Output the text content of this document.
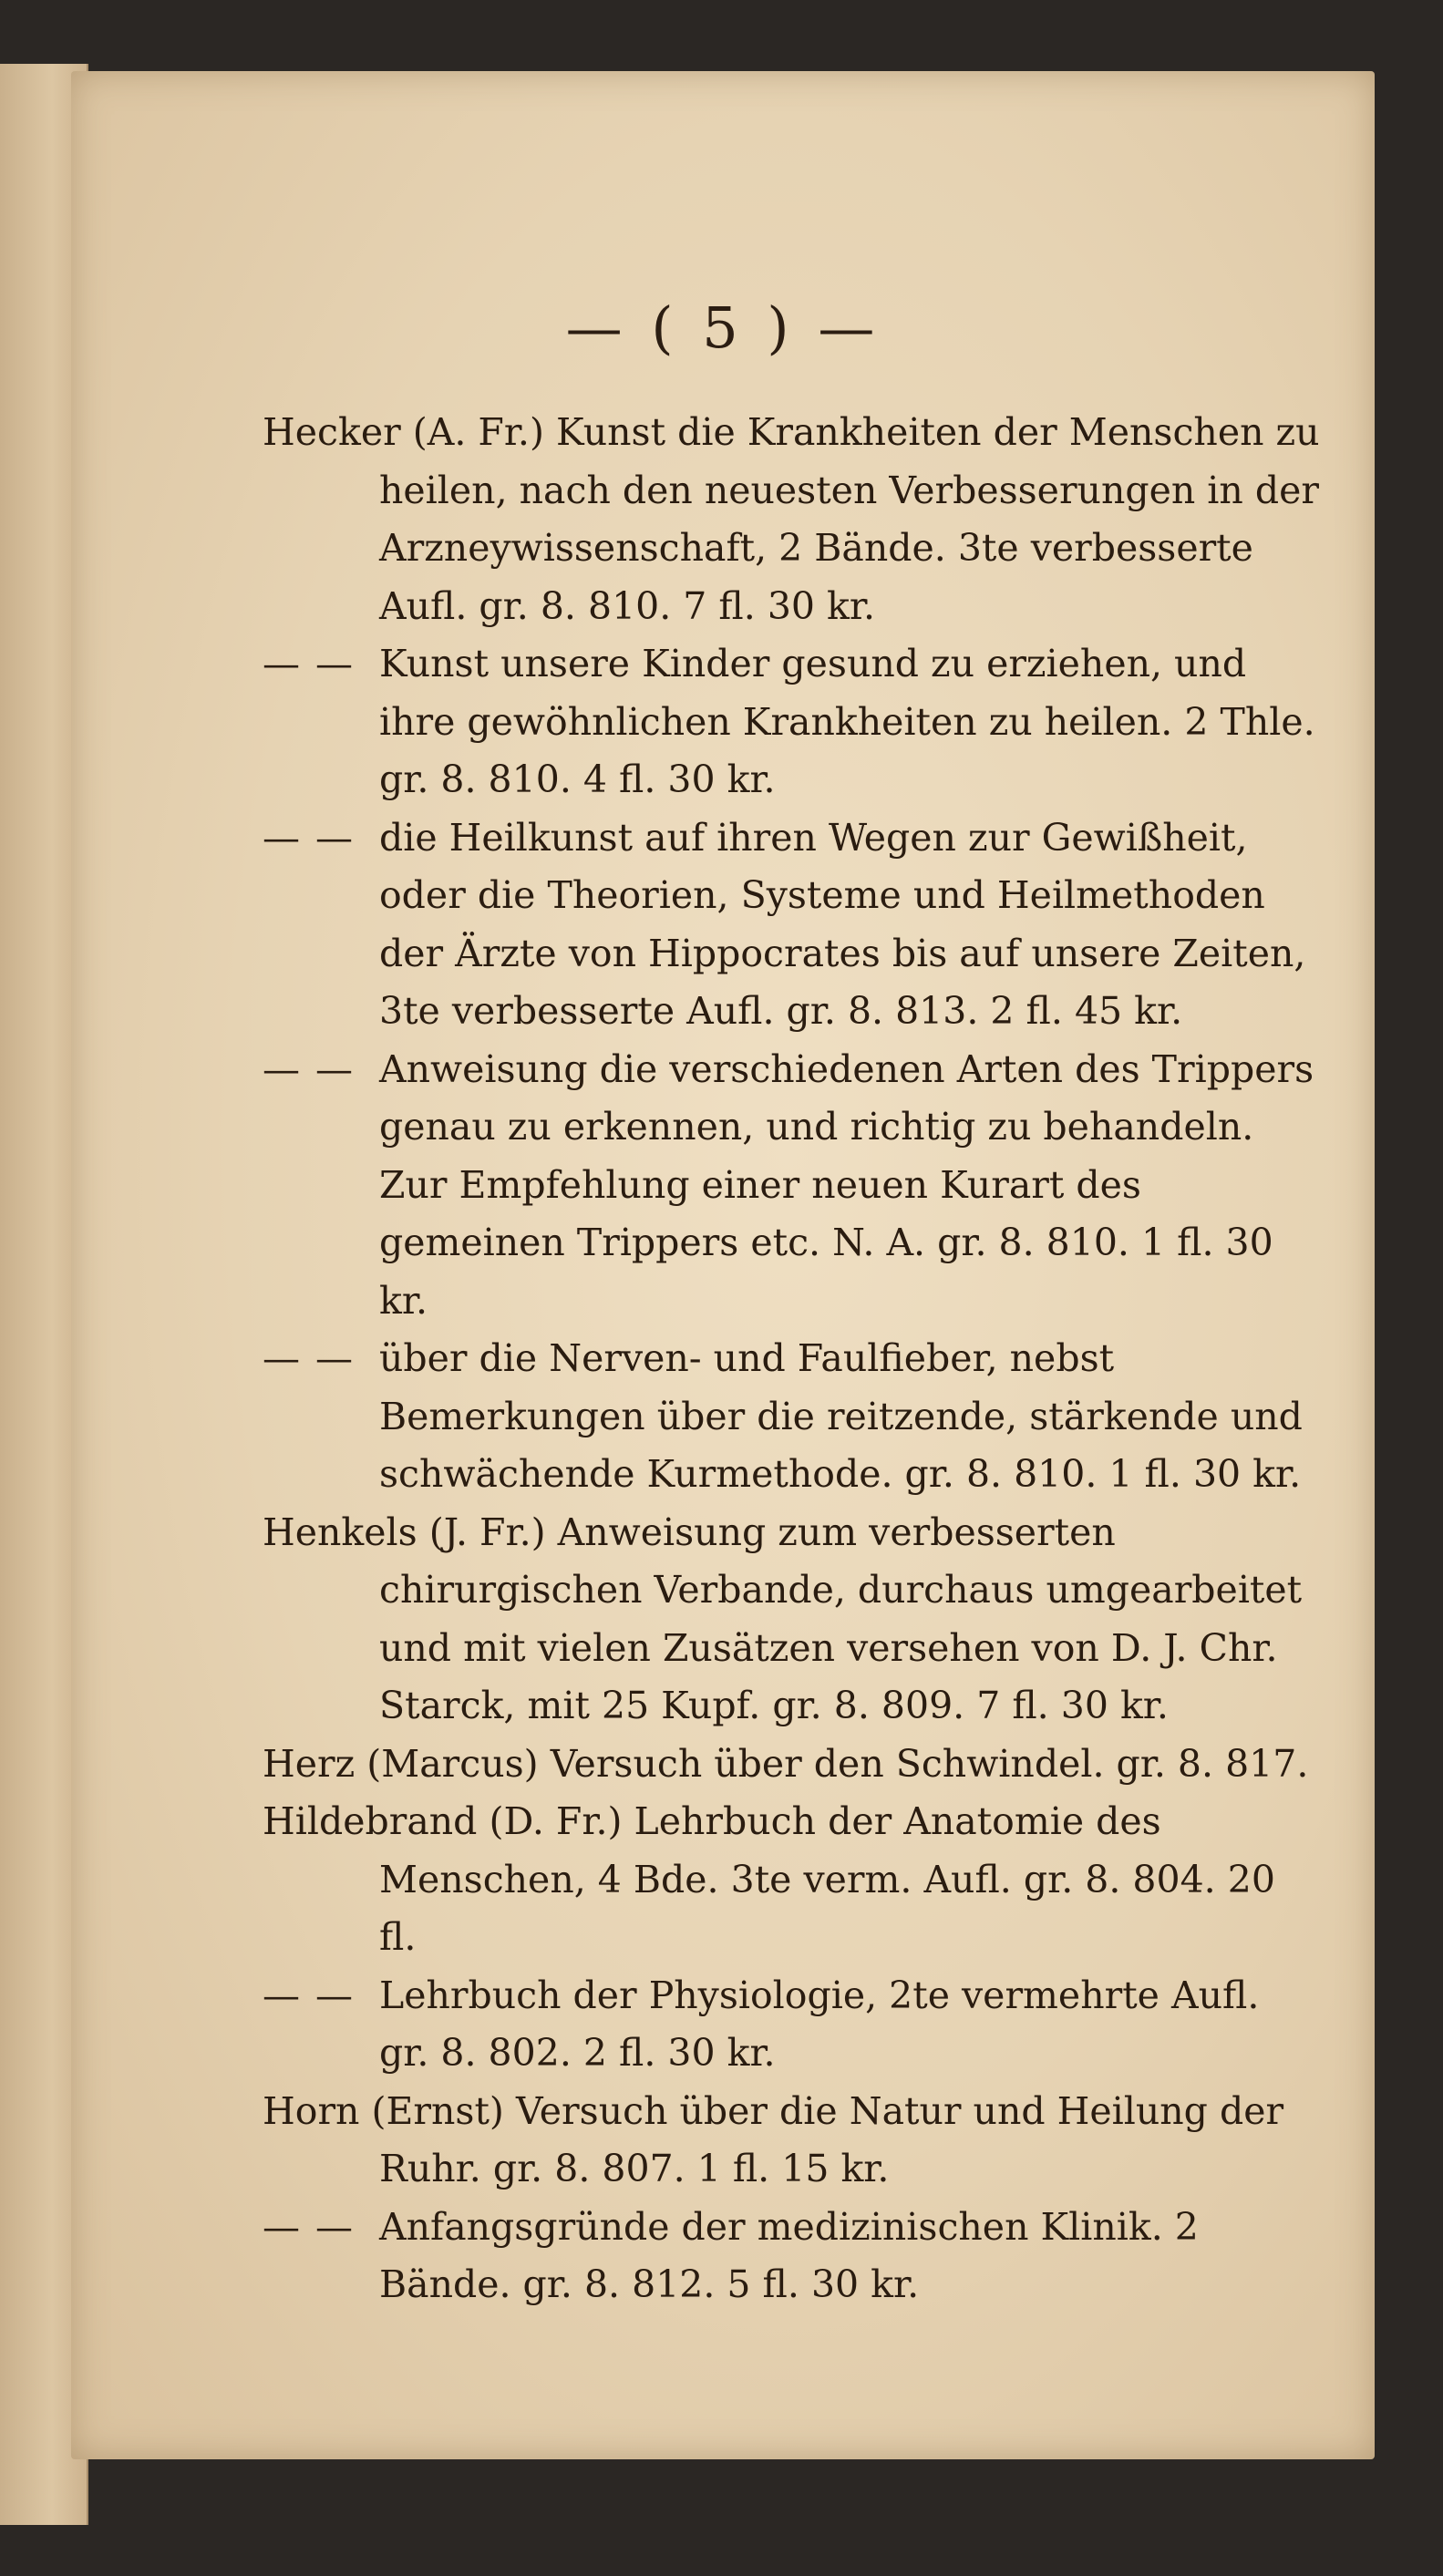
— ( 5 ) —

Hecker (A. Fr.) Kunst die Krankheiten der Menschen zu heilen, nach den neuesten Verbesserungen in der Arzneywissenschaft, 2 Bände. 3te verbesserte Aufl. gr. 8. 810. 7 fl. 30 kr.

— — Kunst unsere Kinder gesund zu erziehen, und ihre gewöhnlichen Krankheiten zu heilen. 2 Thle. gr. 8. 810. 4 fl. 30 kr.

— — die Heilkunst auf ihren Wegen zur Gewißheit, oder die Theorien, Systeme und Heilmethoden der Ärzte von Hippocrates bis auf unsere Zeiten, 3te verbesserte Aufl. gr. 8. 813. 2 fl. 45 kr.

— — Anweisung die verschiedenen Arten des Trippers genau zu erkennen, und richtig zu behandeln. Zur Empfehlung einer neuen Kurart des gemeinen Trippers etc. N. A. gr. 8. 810. 1 fl. 30 kr.

— — über die Nerven- und Faulfieber, nebst Bemerkungen über die reitzende, stärkende und schwächende Kurmethode. gr. 8. 810. 1 fl. 30 kr.

Henkels (J. Fr.) Anweisung zum verbesserten chirurgischen Verbande, durchaus umgearbeitet und mit vielen Zusätzen versehen von D. J. Chr. Starck, mit 25 Kupf. gr. 8. 809. 7 fl. 30 kr.

Herz (Marcus) Versuch über den Schwindel. gr. 8. 817.

Hildebrand (D. Fr.) Lehrbuch der Anatomie des Menschen, 4 Bde. 3te verm. Aufl. gr. 8. 804. 20 fl.

— — Lehrbuch der Physiologie, 2te vermehrte Aufl. gr. 8. 802. 2 fl. 30 kr.

Horn (Ernst) Versuch über die Natur und Heilung der Ruhr. gr. 8. 807. 1 fl. 15 kr.

— — Anfangsgründe der medizinischen Klinik. 2 Bände. gr. 8. 812. 5 fl. 30 kr.
